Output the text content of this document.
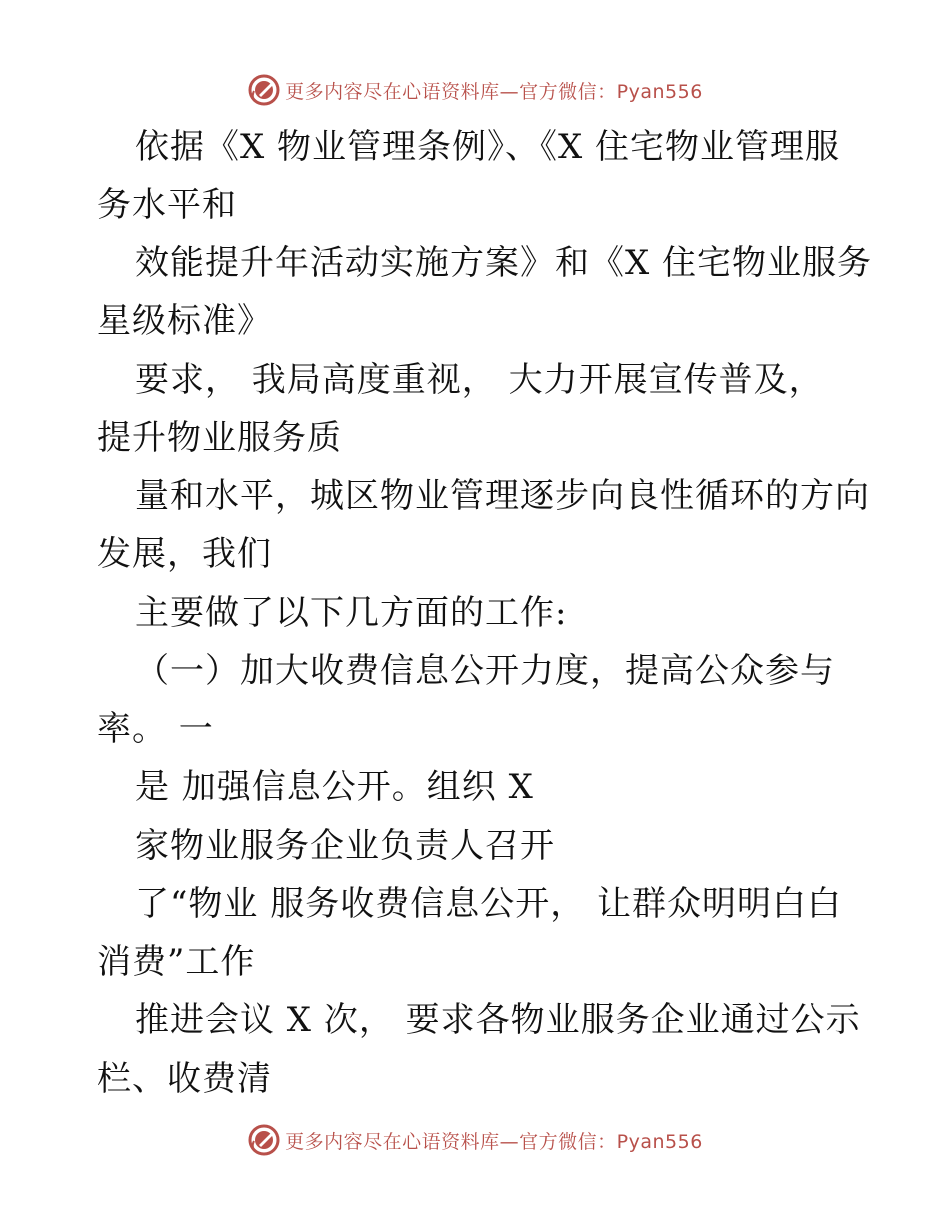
更多内容尽在心语资料库—官方微信：Pyan556
依据《X 物业管理条例》、《X 住宅物业管理服
务水平和
效能提升年活动实施方案》和《X 住宅物业服务
星级标准》
要求， 我局高度重视， 大力开展宣传普及，
提升物业服务质
量和水平，城区物业管理逐步向良性循环的方向
发展，我们
主要做了以下几方面的工作:
（一）加大收费信息公开力度，提高公众参与
率。 一
是 加强信息公开。组织 X
家物业服务企业负责人召开
了“物业 服务收费信息公开， 让群众明明白白
消费”工作
推进会议 X 次， 要求各物业服务企业通过公示
栏、收费清
更多内容尽在心语资料库—官方微信：Pyan556
